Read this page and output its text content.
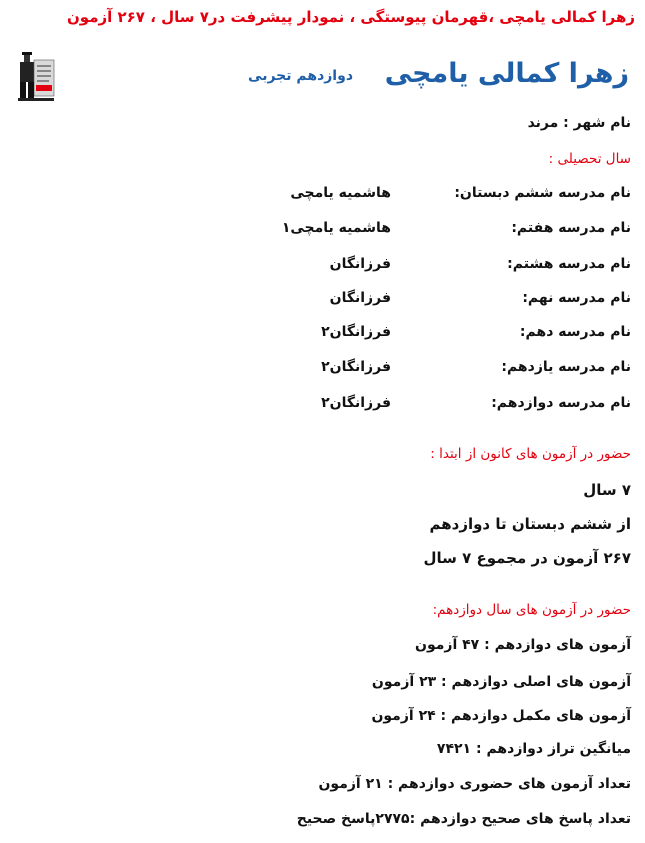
زهرا کمالی یامچی ،قهرمان پیوستگی ، نمودار پیشرفت در۷ سال ، ۲۶۷ آزمون
زهرا کمالی یامچی
دوازدهم تجربی
نام شهر : مرند
سال تحصیلی :
نام مدرسه ششم دبستان:
هاشمیه یامچی
نام مدرسه هفتم:
هاشمیه یامچی۱
نام مدرسه هشتم:
فرزانگان
نام مدرسه نهم:
فرزانگان
نام مدرسه دهم:
فرزانگان۲
نام مدرسه یازدهم:
فرزانگان۲
نام مدرسه دوازدهم:
فرزانگان۲
حضور در آزمون های کانون از ابتدا :
۷ سال
از ششم دبستان تا دوازدهم
۲۶۷ آزمون در مجموع ۷ سال
حضور در آزمون های سال دوازدهم:
آزمون های دوازدهم : ۴۷ آزمون
آزمون های اصلی دوازدهم : ۲۳ آزمون
آزمون های مکمل دوازدهم : ۲۴ آزمون
میانگین تراز دوازدهم : ۷۴۲۱
تعداد آزمون های حضوری دوازدهم : ۲۱ آزمون
تعداد پاسخ های صحیح دوازدهم :۲۷۷۵پاسخ صحیح
